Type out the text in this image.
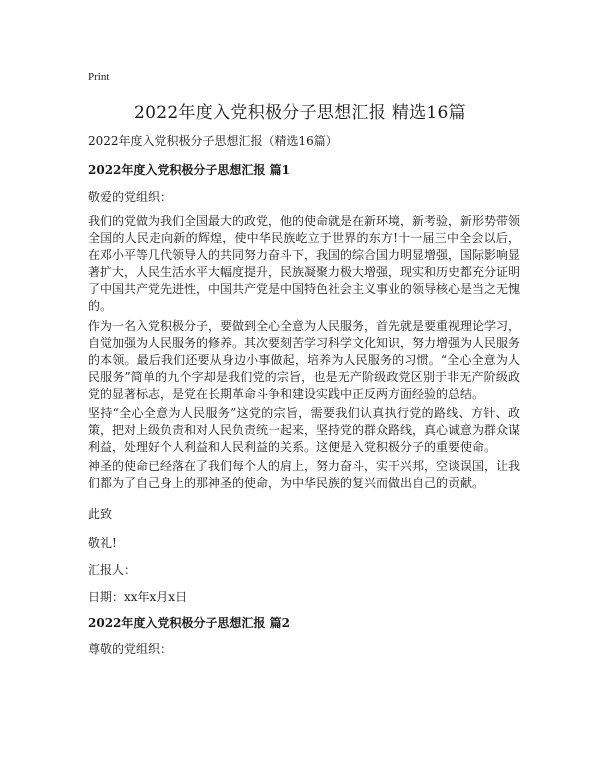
Print
2022年度入党积极分子思想汇报 精选16篇
2022年度入党积极分子思想汇报（精选16篇）
2022年度入党积极分子思想汇报 篇1
敬爱的党组织：

我们的党做为我们全国最大的政党，他的使命就是在新环境，新考验，新形势带领全国的人民走向新的辉煌，使中华民族屹立于世界的东方!十一届三中全会以后，在邓小平等几代领导人的共同努力奋斗下，我国的综合国力明显增强，国际影响显著扩大，人民生活水平大幅度提升，民族凝聚力极大增强，现实和历史都充分证明了中国共产党先进性，中国共产党是中国特色社会主义事业的领导核心是当之无愧的。

作为一名入党积极分子，要做到全心全意为人民服务，首先就是要重视理论学习，自觉加强为人民服务的修养。其次要刻苦学习科学文化知识，努力增强为人民服务的本领。最后我们还要从身边小事做起，培养为人民服务的习惯。“全心全意为人民服务”简单的九个字却是我们党的宗旨，也是无产阶级政党区别于非无产阶级政党的显著标志，是党在长期革命斗争和建设实践中正反两方面经验的总结。

坚持“全心全意为人民服务”这党的宗旨，需要我们认真执行党的路线、方针、政策，把对上级负责和对人民负责统一起来，坚持党的群众路线，真心诚意为群众谋利益，处理好个人利益和人民利益的关系。这便是入党积极分子的重要使命。

神圣的使命已经落在了我们每个人的肩上，努力奋斗，实干兴邦，空谈误国，让我们都为了自己身上的那神圣的使命，为中华民族的复兴而做出自己的贡献。

此致
敬礼!
汇报人：
日期：xx年x月x日
2022年度入党积极分子思想汇报 篇2
尊敬的党组织：
